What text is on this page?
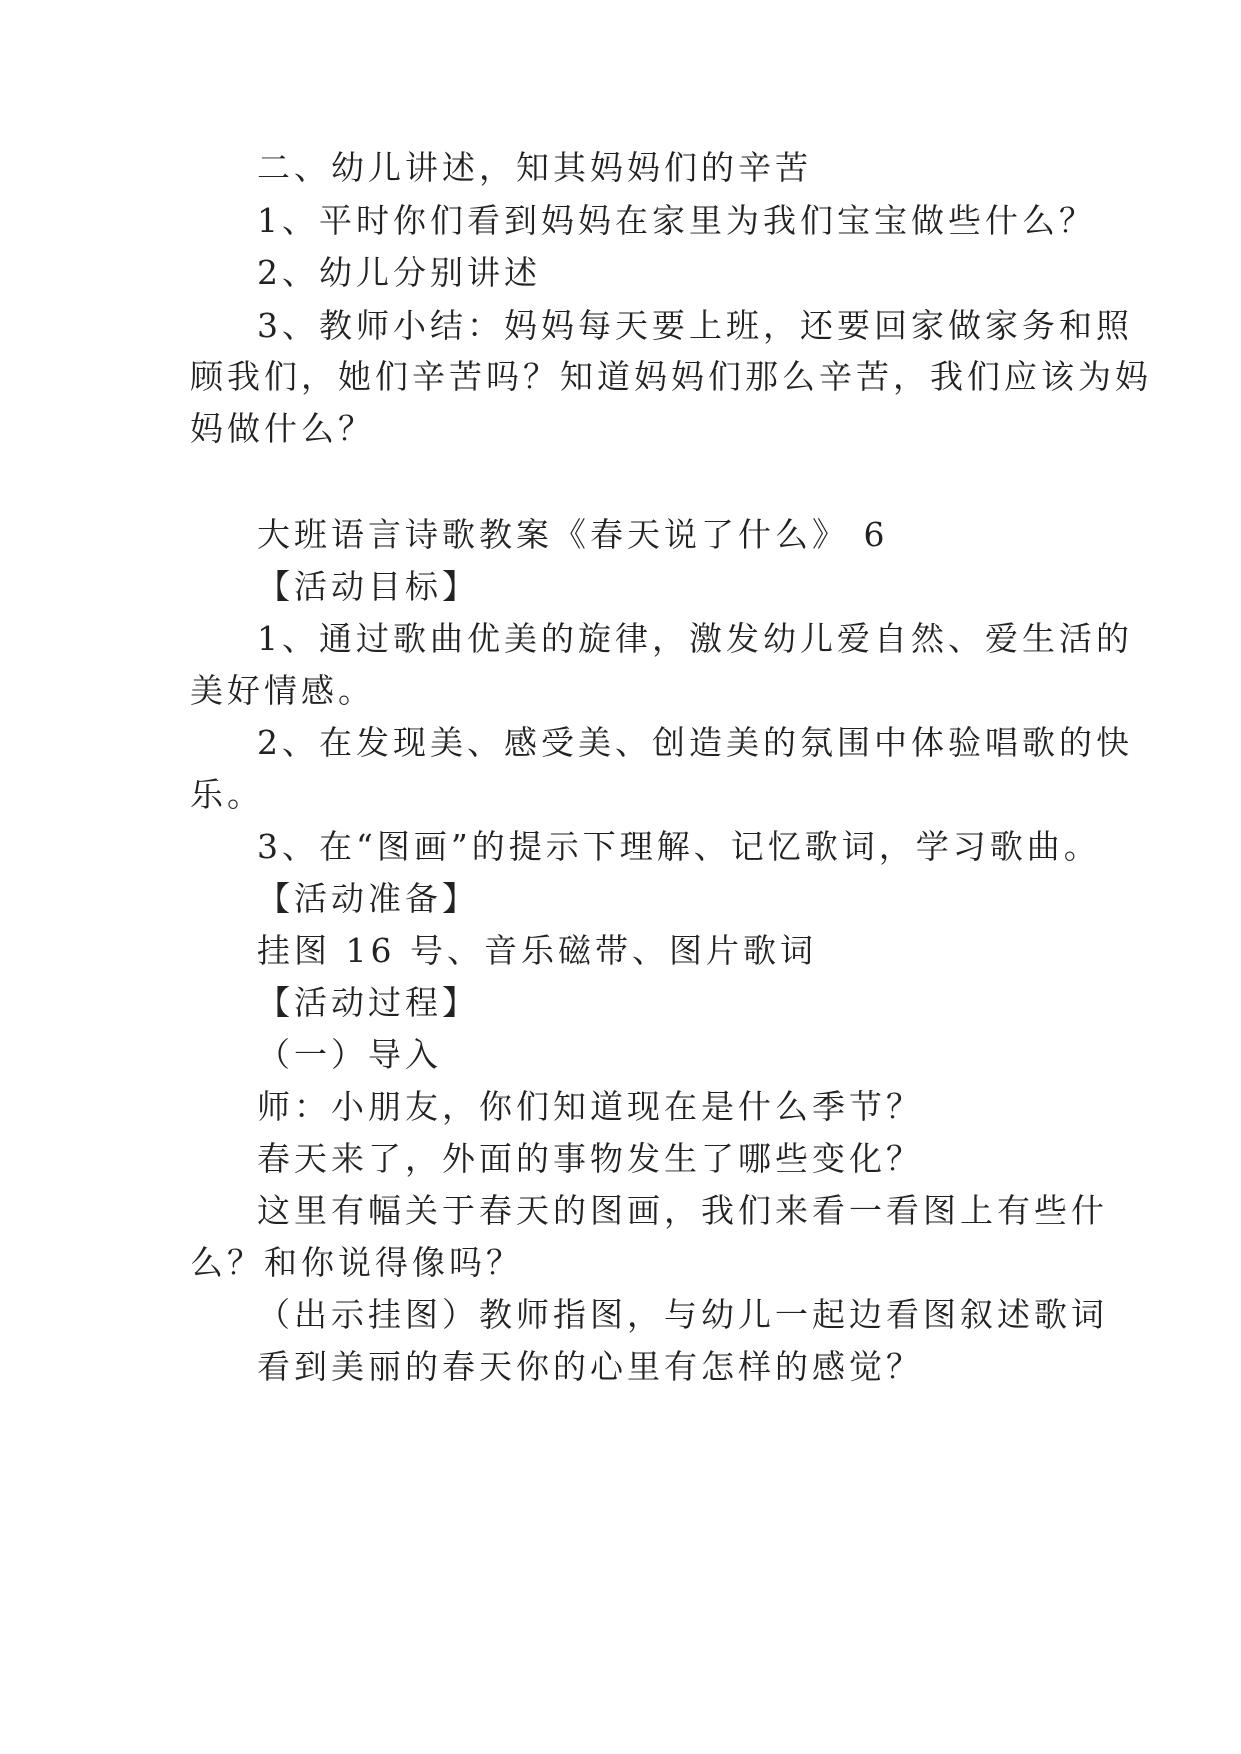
二、幼儿讲述，知其妈妈们的辛苦
1、平时你们看到妈妈在家里为我们宝宝做些什么？
2、幼儿分别讲述
3、教师小结：妈妈每天要上班，还要回家做家务和照
顾我们，她们辛苦吗？知道妈妈们那么辛苦，我们应该为妈
妈做什么？
大班语言诗歌教案《春天说了什么》 6
【活动目标】
1、通过歌曲优美的旋律，激发幼儿爱自然、爱生活的
美好情感。
2、在发现美、感受美、创造美的氛围中体验唱歌的快
乐。
3、在“图画”的提示下理解、记忆歌词，学习歌曲。
【活动准备】
挂图 16 号、音乐磁带、图片歌词
【活动过程】
（一）导入
师：小朋友，你们知道现在是什么季节？
春天来了，外面的事物发生了哪些变化？
这里有幅关于春天的图画，我们来看一看图上有些什
么？和你说得像吗？
（出示挂图）教师指图，与幼儿一起边看图叙述歌词
看到美丽的春天你的心里有怎样的感觉？
